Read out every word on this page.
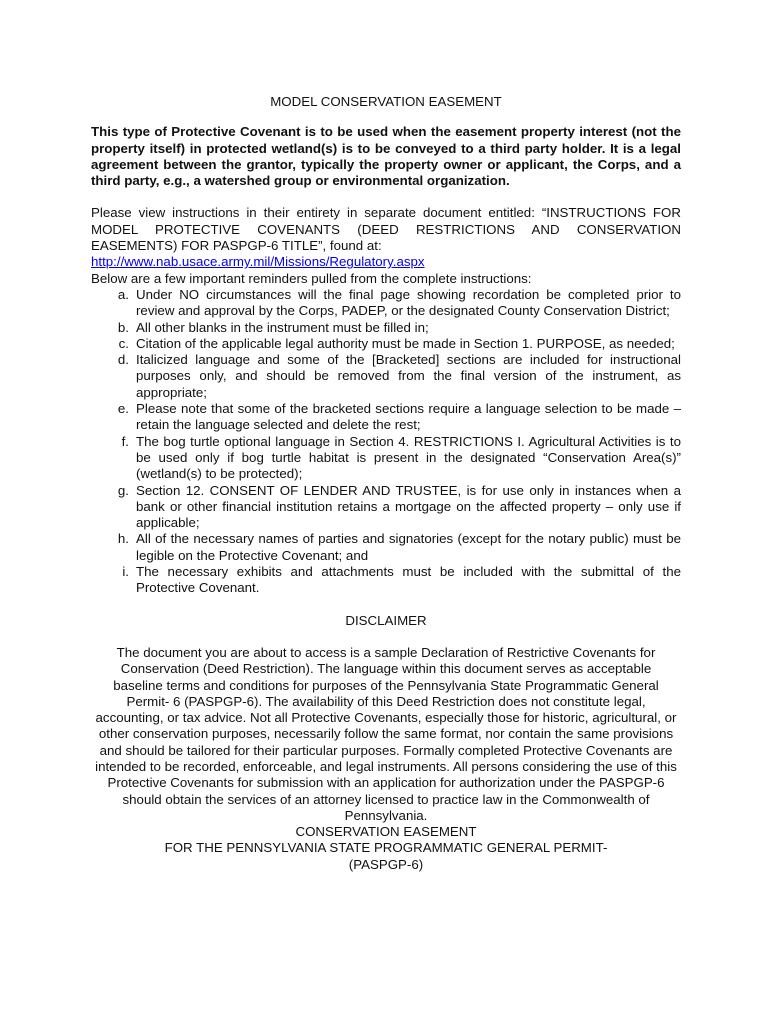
MODEL CONSERVATION EASEMENT

This type of Protective Covenant is to be used when the easement property interest (not the property itself) in protected wetland(s) is to be conveyed to a third party holder. It is a legal agreement between the grantor, typically the property owner or applicant, the Corps, and a third party, e.g., a watershed group or environmental organization.

Please view instructions in their entirety in separate document entitled: “INSTRUCTIONS FOR MODEL PROTECTIVE COVENANTS (DEED RESTRICTIONS AND CONSERVATION EASEMENTS) FOR PASPGP-6 TITLE”, found at:
http://www.nab.usace.army.mil/Missions/Regulatory.aspx

Below are a few important reminders pulled from the complete instructions:
a. Under NO circumstances will the final page showing recordation be completed prior to review and approval by the Corps, PADEP, or the designated County Conservation District;
b. All other blanks in the instrument must be filled in;
c. Citation of the applicable legal authority must be made in Section 1. PURPOSE, as needed;
d. Italicized language and some of the [Bracketed] sections are included for instructional purposes only, and should be removed from the final version of the instrument, as appropriate;
e. Please note that some of the bracketed sections require a language selection to be made – retain the language selected and delete the rest;
f. The bog turtle optional language in Section 4. RESTRICTIONS I. Agricultural Activities is to be used only if bog turtle habitat is present in the designated “Conservation Area(s)” (wetland(s) to be protected);
g. Section 12. CONSENT OF LENDER AND TRUSTEE, is for use only in instances when a bank or other financial institution retains a mortgage on the affected property – only use if applicable;
h. All of the necessary names of parties and signatories (except for the notary public) must be legible on the Protective Covenant; and
i. The necessary exhibits and attachments must be included with the submittal of the Protective Covenant.
DISCLAIMER

The document you are about to access is a sample Declaration of Restrictive Covenants for Conservation (Deed Restriction). The language within this document serves as acceptable baseline terms and conditions for purposes of the Pennsylvania State Programmatic General Permit- 6 (PASPGP-6). The availability of this Deed Restriction does not constitute legal, accounting, or tax advice. Not all Protective Covenants, especially those for historic, agricultural, or other conservation purposes, necessarily follow the same format, nor contain the same provisions and should be tailored for their particular purposes. Formally completed Protective Covenants are intended to be recorded, enforceable, and legal instruments. All persons considering the use of this Protective Covenants for submission with an application for authorization under the PASPGP-6 should obtain the services of an attorney licensed to practice law in the Commonwealth of Pennsylvania.

CONSERVATION EASEMENT
FOR THE PENNSYLVANIA STATE PROGRAMMATIC GENERAL PERMIT-
(PASPGP-6)
